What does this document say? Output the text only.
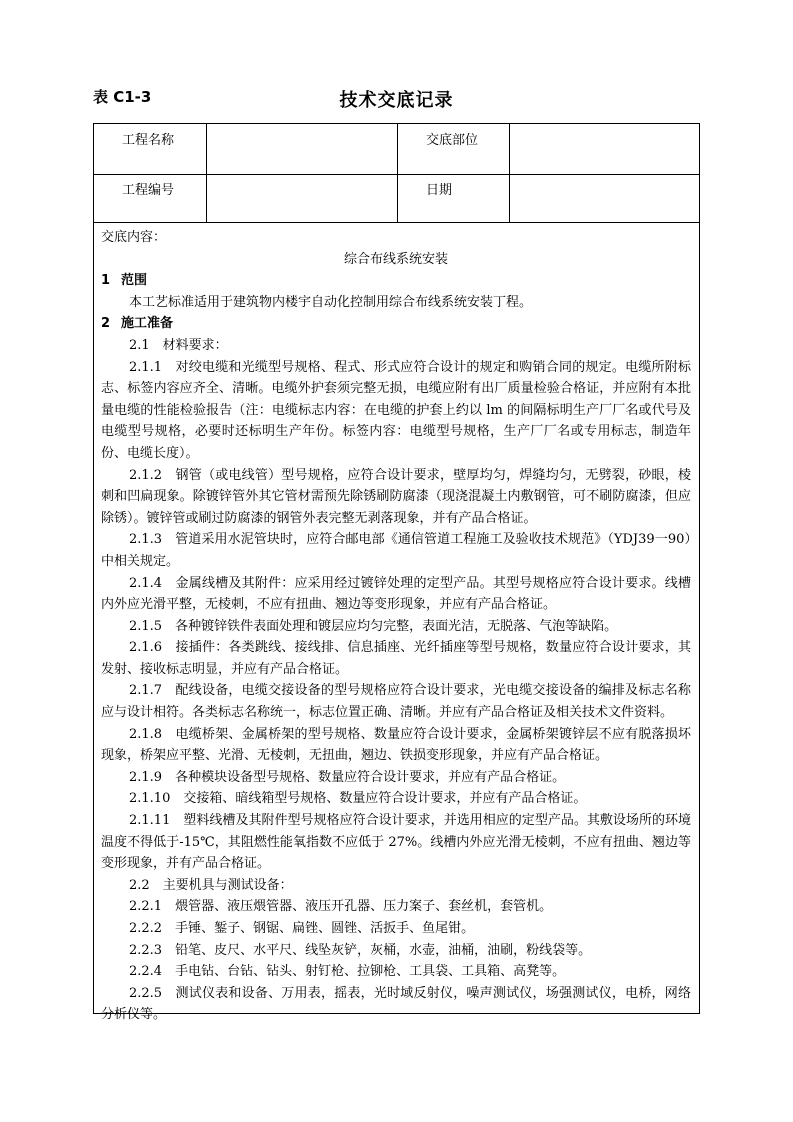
表 C1-3	技术交底记录
工程名称	交底部位
工程编号	日期

交底内容：

综合布线系统安装

1 范围

本工艺标准适用于建筑物内楼宇自动化控制用综合布线系统安装丁程。

2 施工准备

2.1　材料要求：

2.1.1　对绞电缆和光缆型号规格、程式、形式应符合设计的规定和购销合同的规定。电缆所附标志、标签内容应齐全、清晰。电缆外护套须完整无损，电缆应附有出厂质量检验合格证，并应附有本批量电缆的性能检验报告（注：电缆标志内容：在电缆的护套上约以 lm 的间隔标明生产厂厂名或代号及电缆型号规格，必要时还标明生产年份。标签内容：电缆型号规格，生产厂厂名或专用标志，制造年份、电缆长度）。

2.1.2　钢管（或电线管）型号规格，应符合设计要求，壁厚均匀，焊缝均匀，无劈裂，砂眼，棱刺和凹扁现象。除镀锌管外其它管材需预先除锈刷防腐漆（现浇混凝土内敷钢管，可不刷防腐漆，但应除锈）。镀锌管或刷过防腐漆的钢管外表完整无剥落现象，并有产品合格证。

2.1.3　管道采用水泥管块时，应符合邮电部《通信管道工程施工及验收技术规范》（YDJ39一90）中相关规定。

2.1.4　金属线槽及其附件：应采用经过镀锌处理的定型产品。其型号规格应符合设计要求。线槽内外应光滑平整，无棱刺，不应有扭曲、翘边等变形现象，并应有产品合格证。

2.1.5　各种镀锌铁件表面处理和镀层应均匀完整，表面光洁，无脱落、气泡等缺陷。

2.1.6　接插件：各类跳线、接线排、信息插座、光纤插座等型号规格，数量应符合设计要求，其发射、接收标志明显，并应有产品合格证。

2.1.7　配线设备，电缆交接设备的型号规格应符合设计要求，光电缆交接设备的编排及标志名称应与设计相符。各类标志名称统一，标志位置正确、清晰。并应有产品合格证及相关技术文件资料。

2.1.8　电缆桥架、金属桥架的型号规格、数量应符合设计要求，金属桥架镀锌层不应有脱落损坏现象，桥架应平整、光滑、无棱刺，无扭曲，翘边、铁损变形现象，并应有产品合格证。

2.1.9　各种模块设备型号规格、数量应符合设计要求，并应有产品合格证。

2.1.10　交接箱、暗线箱型号规格、数量应符合设计要求，并应有产品合格证。

2.1.11　塑料线槽及其附件型号规格应符合设计要求，并选用相应的定型产品。其敷设场所的环境温度不得低于-15℃，其阻燃性能氧指数不应低于 27%。线槽内外应光滑无棱刺，不应有扭曲、翘边等变形现象，并有产品合格证。

2.2　主要机具与测试设备：

2.2.1　煨管器、液压煨管器、液压开孔器、压力案子、套丝机，套管机。

2.2.2　手锤、錾子、钢锯、扁锉、圆锉、活扳手、鱼尾钳。

2.2.3　铅笔、皮尺、水平尺、线坠灰铲，灰桶，水壶，油桶，油刷，粉线袋等。

2.2.4　手电钻、台钻、钻头、射钉枪、拉铆枪、工具袋、工具箱、高凳等。

2.2.5　测试仪表和设备、万用表，摇表，光时域反射仪，噪声测试仪，场强测试仪，电桥，网络分析仪等。
